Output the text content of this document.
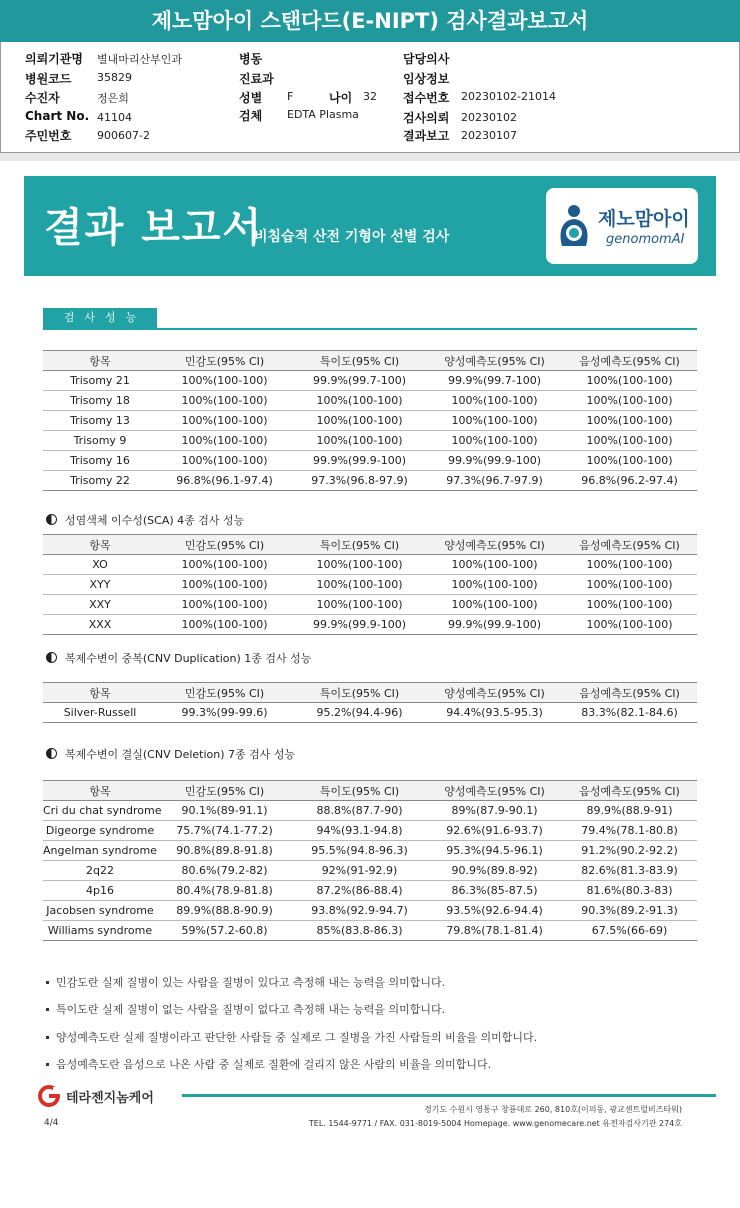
제노맘아이 스탠다드(E-NIPT) 검사결과보고서
의뢰기관명 별내마리산부인과
병원코드 35829
수진자	정은희
Chart No. 41104
주민번호 900607-2
병동
진료과
성별 F	나이 32
검체 EDTA Plasma
담당의사
임상정보
접수번호 20230102-21014
검사의뢰 20230102
결과보고 20230107
결과 보고서
비침습적 산전 기형아 선별 검사
제노맘아이
genomomAI
검사성능
항목	민감도(95% CI)	특이도(95% CI)	양성예측도(95% CI)	음성예측도(95% CI)
Trisomy 21	100%(100-100)	99.9%(99.7-100)	99.9%(99.7-100)	100%(100-100)
Trisomy 18	100%(100-100)	100%(100-100)	100%(100-100)	100%(100-100)
Trisomy 13	100%(100-100)	100%(100-100)	100%(100-100)	100%(100-100)
Trisomy 9	100%(100-100)	100%(100-100)	100%(100-100)	100%(100-100)
Trisomy 16	100%(100-100)	99.9%(99.9-100)	99.9%(99.9-100)	100%(100-100)
Trisomy 22	96.8%(96.1-97.4)	97.3%(96.8-97.9)	97.3%(96.7-97.9)	96.8%(96.2-97.4)
성염색체 이수성(SCA) 4종 검사 성능
항목	민감도(95% CI)	특이도(95% CI)	양성예측도(95% CI)	음성예측도(95% CI)
XO	100%(100-100)	100%(100-100)	100%(100-100)	100%(100-100)
XYY	100%(100-100)	100%(100-100)	100%(100-100)	100%(100-100)
XXY	100%(100-100)	100%(100-100)	100%(100-100)	100%(100-100)
XXX	100%(100-100)	99.9%(99.9-100)	99.9%(99.9-100)	100%(100-100)
복제수변이 중복(CNV Duplication) 1종 검사 성능
항목	민감도(95% CI)	특이도(95% CI)	양성예측도(95% CI)	음성예측도(95% CI)
Silver-Russell	99.3%(99-99.6)	95.2%(94.4-96)	94.4%(93.5-95.3)	83.3%(82.1-84.6)
복제수변이 결실(CNV Deletion) 7종 검사 성능
항목	민감도(95% CI)	특이도(95% CI)	양성예측도(95% CI)	음성예측도(95% CI)
Cri du chat syndrome	90.1%(89-91.1)	88.8%(87.7-90)	89%(87.9-90.1)	89.9%(88.9-91)
Digeorge syndrome	75.7%(74.1-77.2)	94%(93.1-94.8)	92.6%(91.6-93.7)	79.4%(78.1-80.8)
Angelman syndrome	90.8%(89.8-91.8)	95.5%(94.8-96.3)	95.3%(94.5-96.1)	91.2%(90.2-92.2)
2q22	80.6%(79.2-82)	92%(91-92.9)	90.9%(89.8-92)	82.6%(81.3-83.9)
4p16	80.4%(78.9-81.8)	87.2%(86-88.4)	86.3%(85-87.5)	81.6%(80.3-83)
Jacobsen syndrome	89.9%(88.8-90.9)	93.8%(92.9-94.7)	93.5%(92.6-94.4)	90.3%(89.2-91.3)
Williams syndrome	59%(57.2-60.8)	85%(83.8-86.3)	79.8%(78.1-81.4)	67.5%(66-69)
민감도란 실제 질병이 있는 사람을 질병이 있다고 측정해 내는 능력을 의미합니다.
특이도란 실제 질병이 없는 사람을 질병이 없다고 측정해 내는 능력을 의미합니다.
양성예측도란 실제 질병이라고 판단한 사람들 중 실제로 그 질병을 가진 사람들의 비율을 의미합니다.
음성예측도란 음성으로 나온 사람 중 실제로 질환에 걸리지 않은 사람의 비율을 의미합니다.
테라젠지놈케어
경기도 수원시 영통구 창룡대로 260, 810호(이의동, 광교센트럴비즈타워)
TEL. 1544-9771 / FAX. 031-8019-5004 Homepage. www.genomecare.net 유전자검사기관 274호
4/4
